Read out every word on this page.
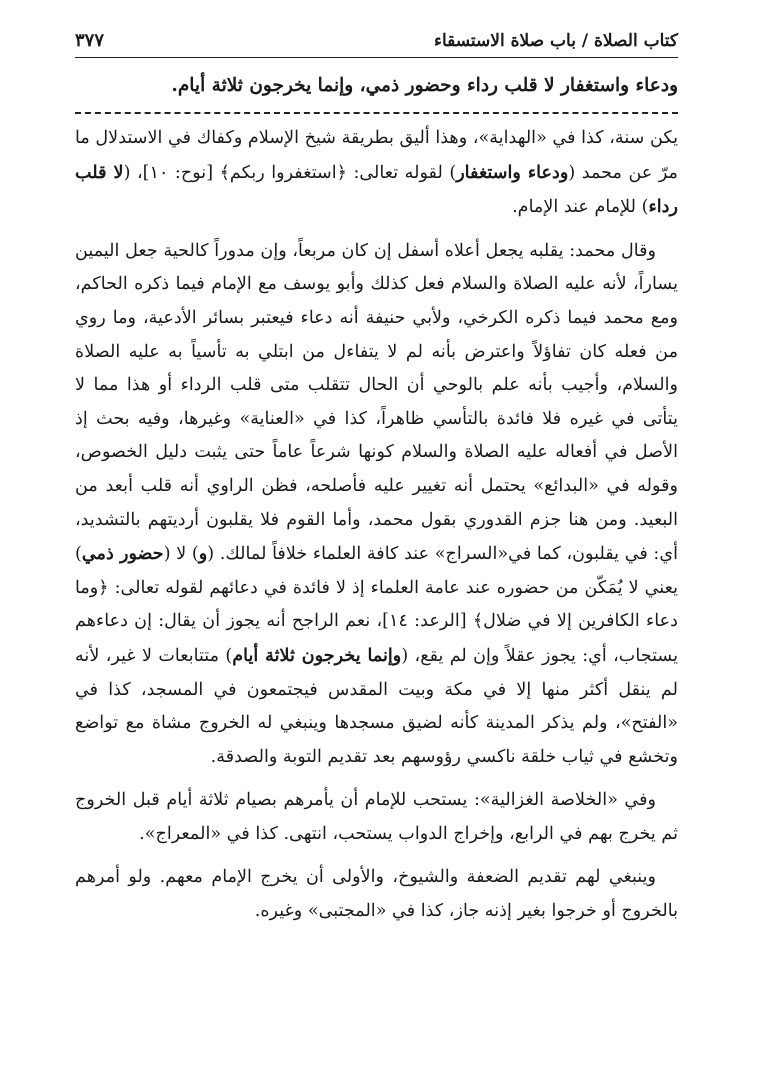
كتاب الصلاة / باب صلاة الاستسقاء
٣٧٧
ودعاء واستغفار لا قلب رداء وحضور ذمي، وإنما يخرجون ثلاثة أيام.

يكن سنة، كذا في «الهداية»، وهذا أليق بطريقة شيخ الإسلام وكفاك في الاستدلال ما مرّ عن محمد (ودعاء واستغفار) لقوله تعالى: ﴿استغفروا ربكم﴾ [نوح: ١٠]، (لا قلب رداء) للإمام عند الإمام.

وقال محمد: يقلبه يجعل أعلاه أسفل إن كان مربعاً، وإن مدوراً كالحية جعل اليمين يساراً، لأنه عليه الصلاة والسلام فعل كذلك وأبو يوسف مع الإمام فيما ذكره الحاكم، ومع محمد فيما ذكره الكرخي، ولأبي حنيفة أنه دعاء فيعتبر بسائر الأدعية، وما روي من فعله كان تفاؤلاً واعترض بأنه لم لا يتفاءل من ابتلي به تأسياً به عليه الصلاة والسلام، وأجيب بأنه علم بالوحي أن الحال تتقلب متى قلب الرداء أو هذا مما لا يتأتى في غيره فلا فائدة بالتأسي ظاهراً، كذا في «العناية» وغيرها، وفيه بحث إذ الأصل في أفعاله عليه الصلاة والسلام كونها شرعاً عاماً حتى يثبت دليل الخصوص، وقوله في «البدائع» يحتمل أنه تغيير عليه فأصلحه، فظن الراوي أنه قلب أبعد من البعيد. ومن هنا جزم القدوري بقول محمد، وأما القوم فلا يقلبون أرديتهم بالتشديد، أي: في يقلبون، كما في«السراج» عند كافة العلماء خلافاً لمالك. (و) لا (حضور ذمي) يعني لا يُمَكّن من حضوره عند عامة العلماء إذ لا فائدة في دعائهم لقوله تعالى: ﴿وما دعاء الكافرين إلا في ضلال﴾ [الرعد: ١٤]، نعم الراجح أنه يجوز أن يقال: إن دعاءهم يستجاب، أي: يجوز عقلاً وإن لم يقع، (وإنما يخرجون ثلاثة أيام) متتابعات لا غير، لأنه لم ينقل أكثر منها إلا في مكة وبيت المقدس فيجتمعون في المسجد، كذا في «الفتح»، ولم يذكر المدينة كأنه لضيق مسجدها وينبغي له الخروج مشاة مع تواضع وتخشع في ثياب خلقة ناكسي رؤوسهم بعد تقديم التوبة والصدقة.

وفي «الخلاصة الغزالية»: يستحب للإمام أن يأمرهم بصيام ثلاثة أيام قبل الخروج ثم يخرج بهم في الرابع، وإخراج الدواب يستحب، انتهى. كذا في «المعراج».

وينبغي لهم تقديم الضعفة والشيوخ، والأولى أن يخرج الإمام معهم. ولو أمرهم بالخروج أو خرجوا بغير إذنه جاز، كذا في «المجتبى» وغيره.
